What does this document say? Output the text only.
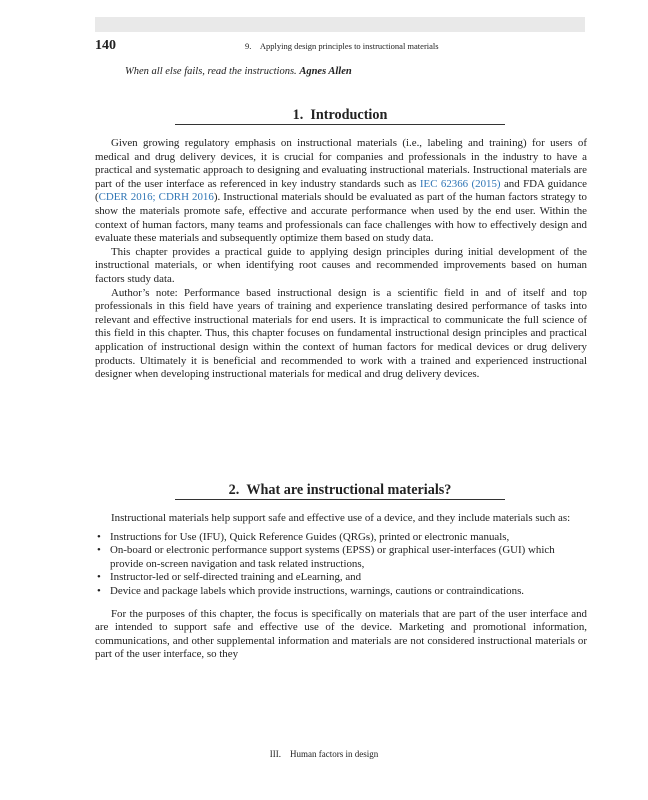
140	9. Applying design principles to instructional materials
When all else fails, read the instructions. Agnes Allen
1. Introduction

Given growing regulatory emphasis on instructional materials (i.e., labeling and training) for users of medical and drug delivery devices, it is crucial for companies and professionals in the industry to have a practical and systematic approach to designing and evaluating instructional materials. Instructional materials are part of the user interface as referenced in key industry standards such as IEC 62366 (2015) and FDA guidance (CDER 2016; CDRH 2016). Instructional materials should be evaluated as part of the human factors strategy to show the materials promote safe, effective and accurate performance when used by the end user. Within the context of human factors, many teams and professionals can face challenges with how to effectively design and evaluate these materials and subsequently optimize them based on study data.

This chapter provides a practical guide to applying design principles during initial development of the instructional materials, or when identifying root causes and recommended improvements based on human factors study data.

Author’s note: Performance based instructional design is a scientific field in and of itself and top professionals in this field have years of training and experience translating desired performance of tasks into relevant and effective instructional materials for end users. It is impractical to communicate the full science of this field in this chapter. Thus, this chapter focuses on fundamental instructional design principles and practical application of instructional design within the context of human factors for medical devices or drug delivery products. Ultimately it is beneficial and recommended to work with a trained and experienced instructional designer when developing instructional materials for medical and drug delivery devices.

2. What are instructional materials?

Instructional materials help support safe and effective use of a device, and they include materials such as:

• Instructions for Use (IFU), Quick Reference Guides (QRGs), printed or electronic manuals,
• On-board or electronic performance support systems (EPSS) or graphical user-interfaces (GUI) which provide on-screen navigation and task related instructions,
• Instructor-led or self-directed training and eLearning, and
• Device and package labels which provide instructions, warnings, cautions or contraindications.

For the purposes of this chapter, the focus is specifically on materials that are part of the user interface and are intended to support safe and effective use of the device. Marketing and promotional information, communications, and other supplemental information and materials are not considered instructional materials or part of the user interface, so they

III. Human factors in design
